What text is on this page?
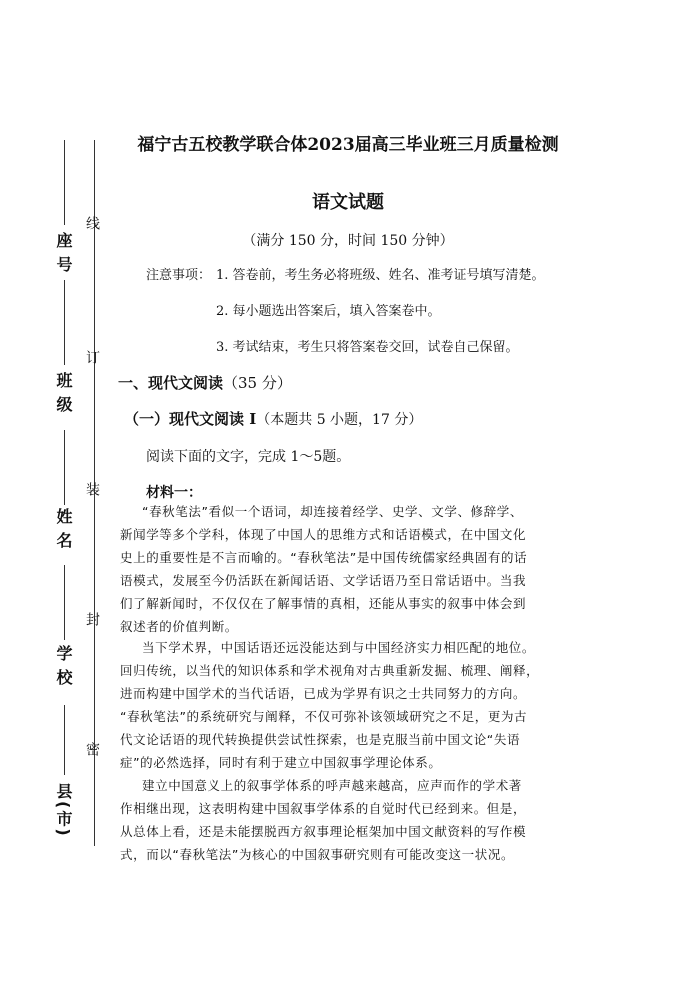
座号
班级
姓名
学校
县(市)
线
订
装
封
密
福宁古五校教学联合体2023届高三毕业班三月质量检测
语文试题
（满分 150 分，时间 150 分钟）
注意事项： 1. 答卷前，考生务必将班级、姓名、准考证号填写清楚。
2. 每小题选出答案后，填入答案卷中。
3. 考试结束，考生只将答案卷交回，试卷自己保留。
一、现代文阅读（35 分）
（一）现代文阅读 I（本题共 5 小题，17 分）
阅读下面的文字，完成 1～5题。
材料一：
“春秋笔法”看似一个语词，却连接着经学、史学、文学、修辞学、
新闻学等多个学科，体现了中国人的思维方式和话语模式，在中国文化
史上的重要性是不言而喻的。“春秋笔法”是中国传统儒家经典固有的话
语模式，发展至今仍活跃在新闻话语、文学话语乃至日常话语中。当我
们了解新闻时，不仅仅在了解事情的真相，还能从事实的叙事中体会到
叙述者的价值判断。
当下学术界，中国话语还远没能达到与中国经济实力相匹配的地位。
回归传统，以当代的知识体系和学术视角对古典重新发掘、梳理、阐释，
进而构建中国学术的当代话语，已成为学界有识之士共同努力的方向。
“春秋笔法”的系统研究与阐释，不仅可弥补该领域研究之不足，更为古
代文论话语的现代转换提供尝试性探索，也是克服当前中国文论“失语
症”的必然选择，同时有利于建立中国叙事学理论体系。
建立中国意义上的叙事学体系的呼声越来越高，应声而作的学术著
作相继出现，这表明构建中国叙事学体系的自觉时代已经到来。但是，
从总体上看，还是未能摆脱西方叙事理论框架加中国文献资料的写作模
式，而以“春秋笔法”为核心的中国叙事研究则有可能改变这一状况。
